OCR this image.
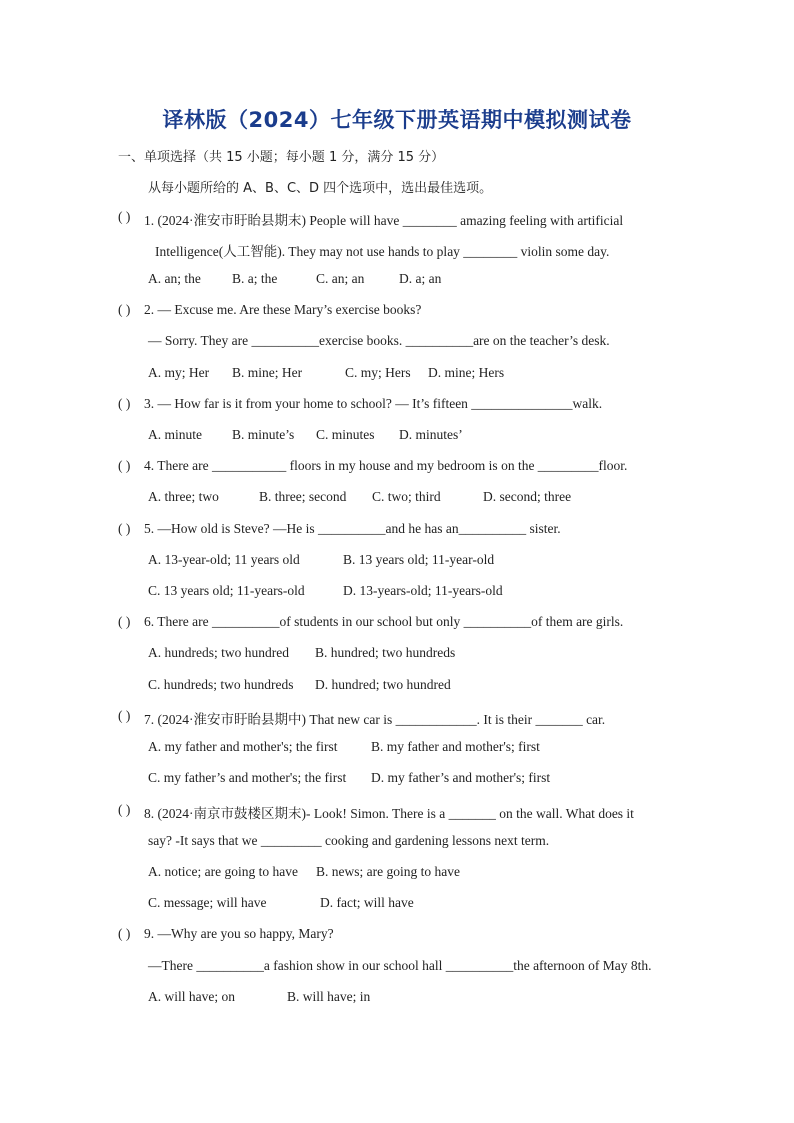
译林版（2024）七年级下册英语期中模拟测试卷
一、单项选择（共 15 小题；每小题 1 分，满分 15 分）
从每小题所给的 A、B、C、D 四个选项中，选出最佳选项。
( ) 1. (2024·淮安市盱眙县期末) People will have ________ amazing feeling with artificial
Intelligence(人工智能). They may not use hands to play ________ violin some day.
A. an; the B. a; the	C. an; an	D. a; an
( ) 2. — Excuse me. Are these Mary’s exercise books?
— Sorry. They are __________exercise books. __________are on the teacher’s desk.
A. my; Her B. mine; Her	C. my; Hers D. mine; Hers
( ) 3. — How far is it from your home to school? — It’s fifteen _______________walk.
A. minute B. minute’s C. minutes D. minutes’
( ) 4. There are ___________ floors in my house and my bedroom is on the _________floor.
A. three; two	B. three; second C. two; third	D. second; three
( ) 5. —How old is Steve? —He is __________and he has an__________ sister.
A. 13-year-old; 11 years old	B. 13 years old; 11-year-old
C. 13 years old; 11-years-old	D. 13-years-old; 11-years-old
( ) 6. There are __________of students in our school but only __________of them are girls.
A. hundreds; two hundred B. hundred; two hundreds
C. hundreds; two hundreds D. hundred; two hundred
( ) 7. (2024·淮安市盱眙县期中) That new car is ____________. It is their _______ car.
A. my father and mother's; the first B. my father and mother's; first
C. my father’s and mother's; the first D. my father’s and mother's; first
( ) 8. (2024·南京市鼓楼区期末)- Look! Simon. There is a _______ on the wall. What does it
say? -It says that we _________ cooking and gardening lessons next term.
A. notice; are going to have B. news; are going to have
C. message; will have	D. fact; will have
( ) 9. —Why are you so happy, Mary?
—There __________a fashion show in our school hall __________the afternoon of May 8th.
A. will have; on	B. will have; in
